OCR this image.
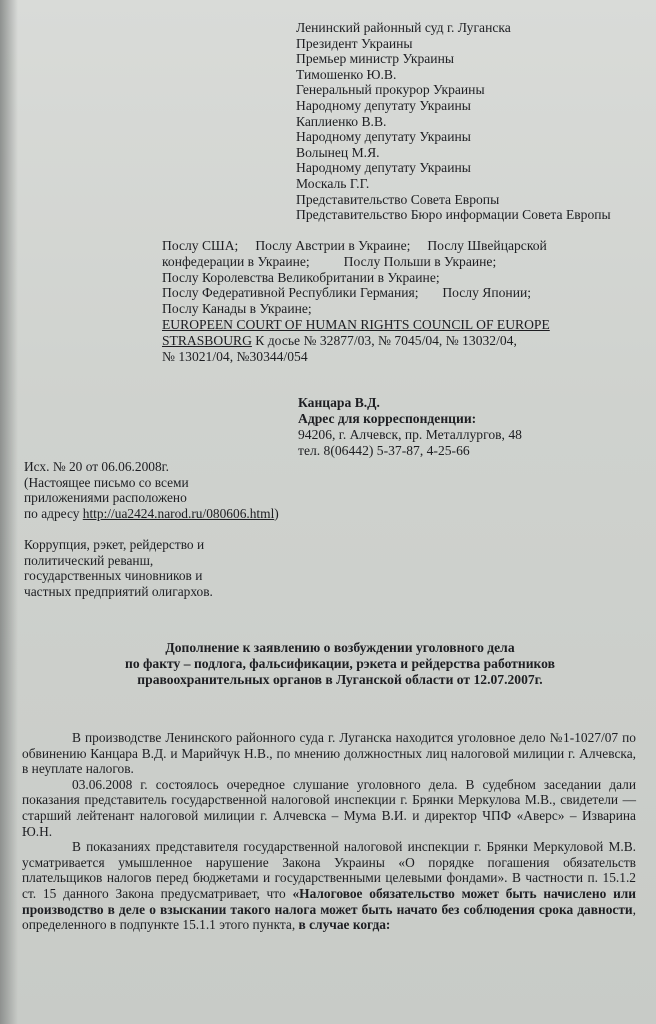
Ленинский районный суд г. Луганска
Президент Украины
Премьер министр Украины
Тимошенко Ю.В.
Генеральный прокурор Украины
Народному депутату Украины
Каплиенко В.В.
Народному депутату Украины
Волынец М.Я.
Народному депутату Украины
Москаль Г.Г.
Представительство Совета Европы
Представительство Бюро информации Совета Европы
Послу США;     Послу Австрии в Украине;     Послу Швейцарской
конфедерации в Украине;          Послу Польши в Украине;
Послу Королевства Великобритании в Украине;
Послу Федеративной Республики Германия;       Послу Японии;
Послу Канады в Украине;
EUROPEEN COURT OF HUMAN RIGHTS COUNCIL OF EUROPE
STRASBOURG К досье № 32877/03, № 7045/04, № 13032/04,
№ 13021/04, №30344/054
Канцара В.Д.
Адрес для корреспонденции:
94206, г. Алчевск, пр. Металлургов, 48
тел. 8(06442) 5-37-87, 4-25-66
Исх. № 20 от 06.06.2008г.
(Настоящее письмо со всеми
приложениями расположено
по адресу http://ua2424.narod.ru/080606.html)
Коррупция, рэкет, рейдерство и
политический реванш,
государственных чиновников и
частных предприятий олигархов.
Дополнение к заявлению о возбуждении уголовного дела
по факту – подлога, фальсификации, рэкета и рейдерства работников
правоохранительных органов в Луганской области от 12.07.2007г.

В производстве Ленинского районного суда г. Луганска находится уголовное дело №1-1027/07 по обвинению Канцара В.Д. и Марийчук Н.В., по мнению должностных лиц налоговой милиции г. Алчевска, в неуплате налогов.

03.06.2008 г. состоялось очередное слушание уголовного дела. В судебном заседании дали показания представитель государственной налоговой инспекции г. Брянки Меркулова М.В., свидетели — старший лейтенант налоговой милиции г. Алчевска – Мума В.И. и директор ЧПФ «Аверс» – Изварина Ю.Н.

В показаниях представителя государственной налоговой инспекции г. Брянки Меркуловой М.В. усматривается умышленное нарушение Закона Украины «О порядке погашения обязательств плательщиков налогов перед бюджетами и государственными целевыми фондами». В частности п. 15.1.2 ст. 15 данного Закона предусматривает, что «Налоговое обязательство может быть начислено или производство в деле о взыскании такого налога может быть начато без соблюдения срока давности, определенного в подпункте 15.1.1 этого пункта, в случае когда:
